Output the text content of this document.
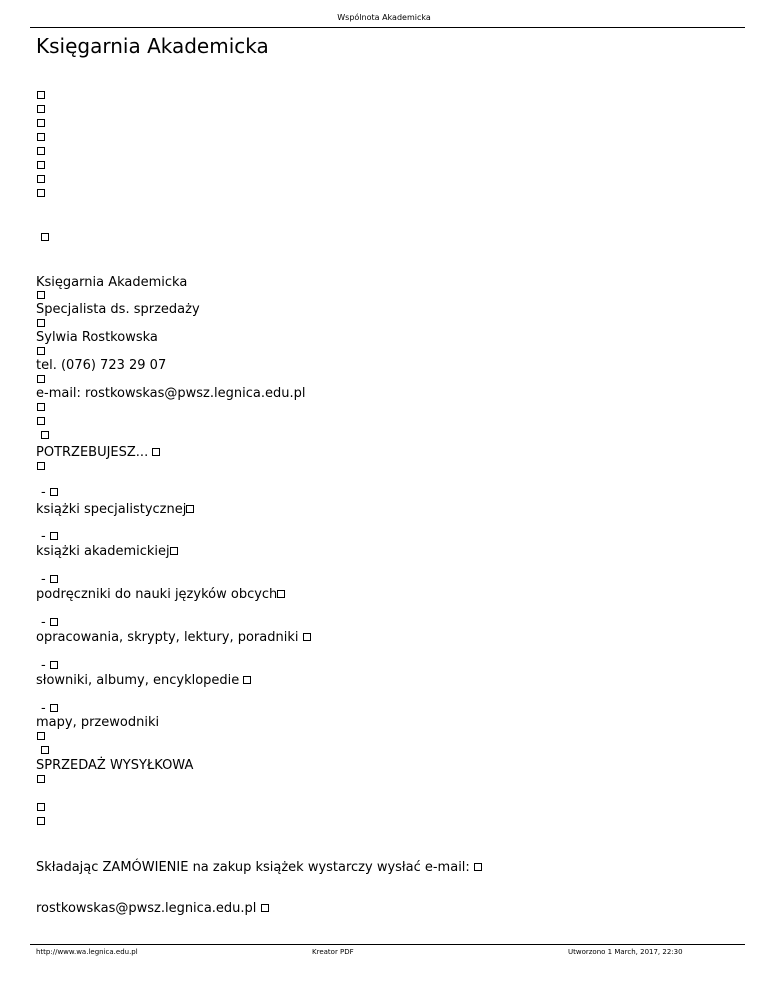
Wspólnota Akademicka
Księgarnia Akademicka
Księgarnia Akademicka
Specjalista ds. sprzedaży
Sylwia Rostkowska
tel. (076) 723 29 07
e-mail: rostkowskas@pwsz.legnica.edu.pl
POTRZEBUJESZ...
-
książki specjalistycznej
-
książki akademickiej
-
podręczniki do nauki języków obcych
-
opracowania, skrypty, lektury, poradniki
-
słowniki, albumy, encyklopedie
-
mapy, przewodniki
SPRZEDAŻ WYSYŁKOWA
Składając ZAMÓWIENIE na zakup książek wystarczy wysłać e-mail:
rostkowskas@pwsz.legnica.edu.pl
http://www.wa.legnica.edu.pl	Kreator PDF	Utworzono 1 March, 2017, 22:30
